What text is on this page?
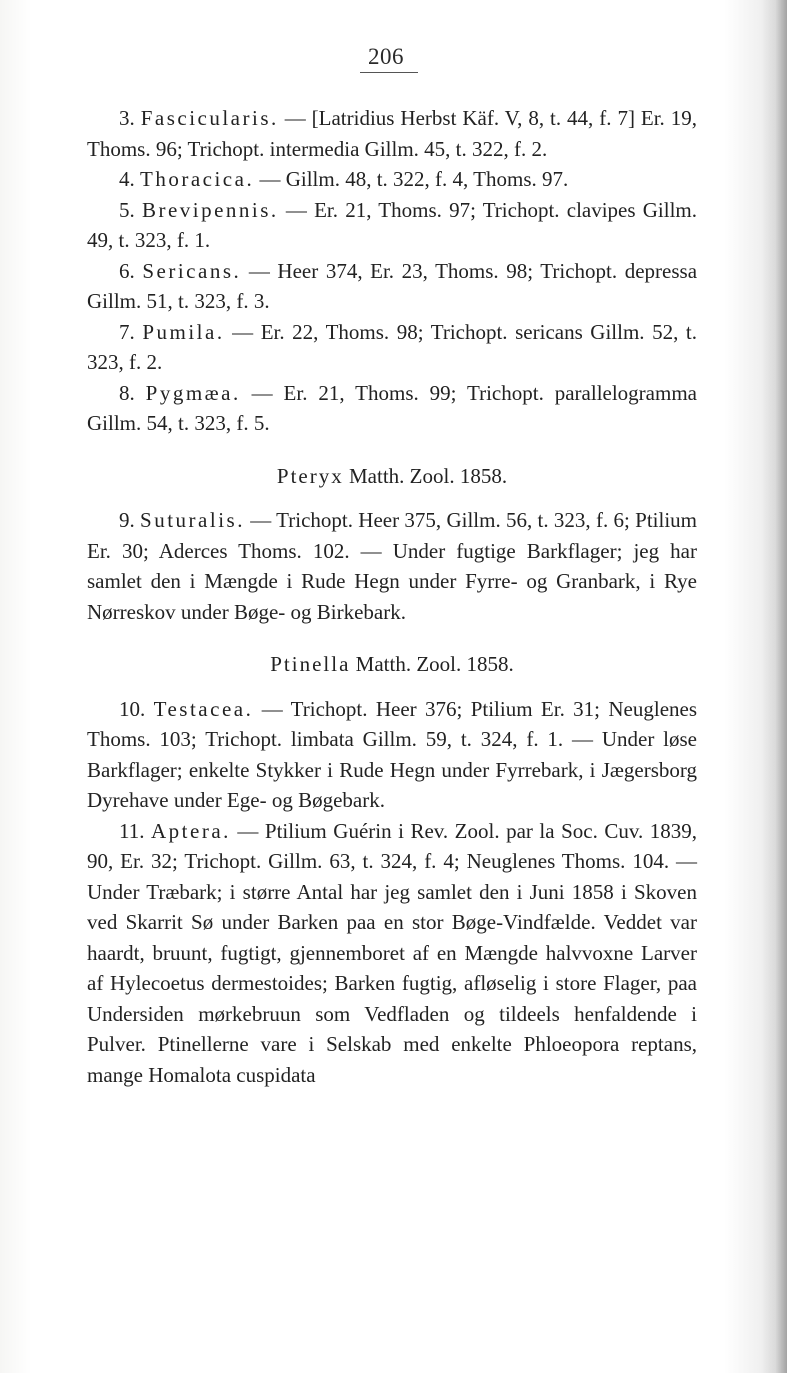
206

3. Fascicularis. — [Latridius Herbst Käf. V, 8, t. 44, f. 7] Er. 19, Thoms. 96; Trichopt. intermedia Gillm. 45, t. 322, f. 2.

4. Thoracica. — Gillm. 48, t. 322, f. 4, Thoms. 97.

5. Brevipennis. — Er. 21, Thoms. 97; Trichopt. clavipes Gillm. 49, t. 323, f. 1.

6. Sericans. — Heer 374, Er. 23, Thoms. 98; Trichopt. depressa Gillm. 51, t. 323, f. 3.

7. Pumila. — Er. 22, Thoms. 98; Trichopt. sericans Gillm. 52, t. 323, f. 2.

8. Pygmæa. — Er. 21, Thoms. 99; Trichopt. parallelogramma Gillm. 54, t. 323, f. 5.

Pteryx Matth. Zool. 1858.

9. Suturalis. — Trichopt. Heer 375, Gillm. 56, t. 323, f. 6; Ptilium Er. 30; Aderces Thoms. 102. — Under fugtige Barkflager; jeg har samlet den i Mængde i Rude Hegn under Fyrre- og Granbark, i Rye Nørreskov under Bøge- og Birkebark.

Ptinella Matth. Zool. 1858.

10. Testacea. — Trichopt. Heer 376; Ptilium Er. 31; Neuglenes Thoms. 103; Trichopt. limbata Gillm. 59, t. 324, f. 1. — Under løse Barkflager; enkelte Stykker i Rude Hegn under Fyrrebark, i Jægersborg Dyrehave under Ege- og Bøgebark.

11. Aptera. — Ptilium Guérin i Rev. Zool. par la Soc. Cuv. 1839, 90, Er. 32; Trichopt. Gillm. 63, t. 324, f. 4; Neuglenes Thoms. 104. — Under Træbark; i større Antal har jeg samlet den i Juni 1858 i Skoven ved Skarrit Sø under Barken paa en stor Bøge-Vindfælde. Veddet var haardt, bruunt, fugtigt, gjennemboret af en Mængde halvvoxne Larver af Hylecoetus dermestoides; Barken fugtig, afløselig i store Flager, paa Undersiden mørkebruun som Vedfladen og tildeels henfaldende i Pulver. Ptinellerne vare i Selskab med enkelte Phloeopora reptans, mange Homalota cuspidata
